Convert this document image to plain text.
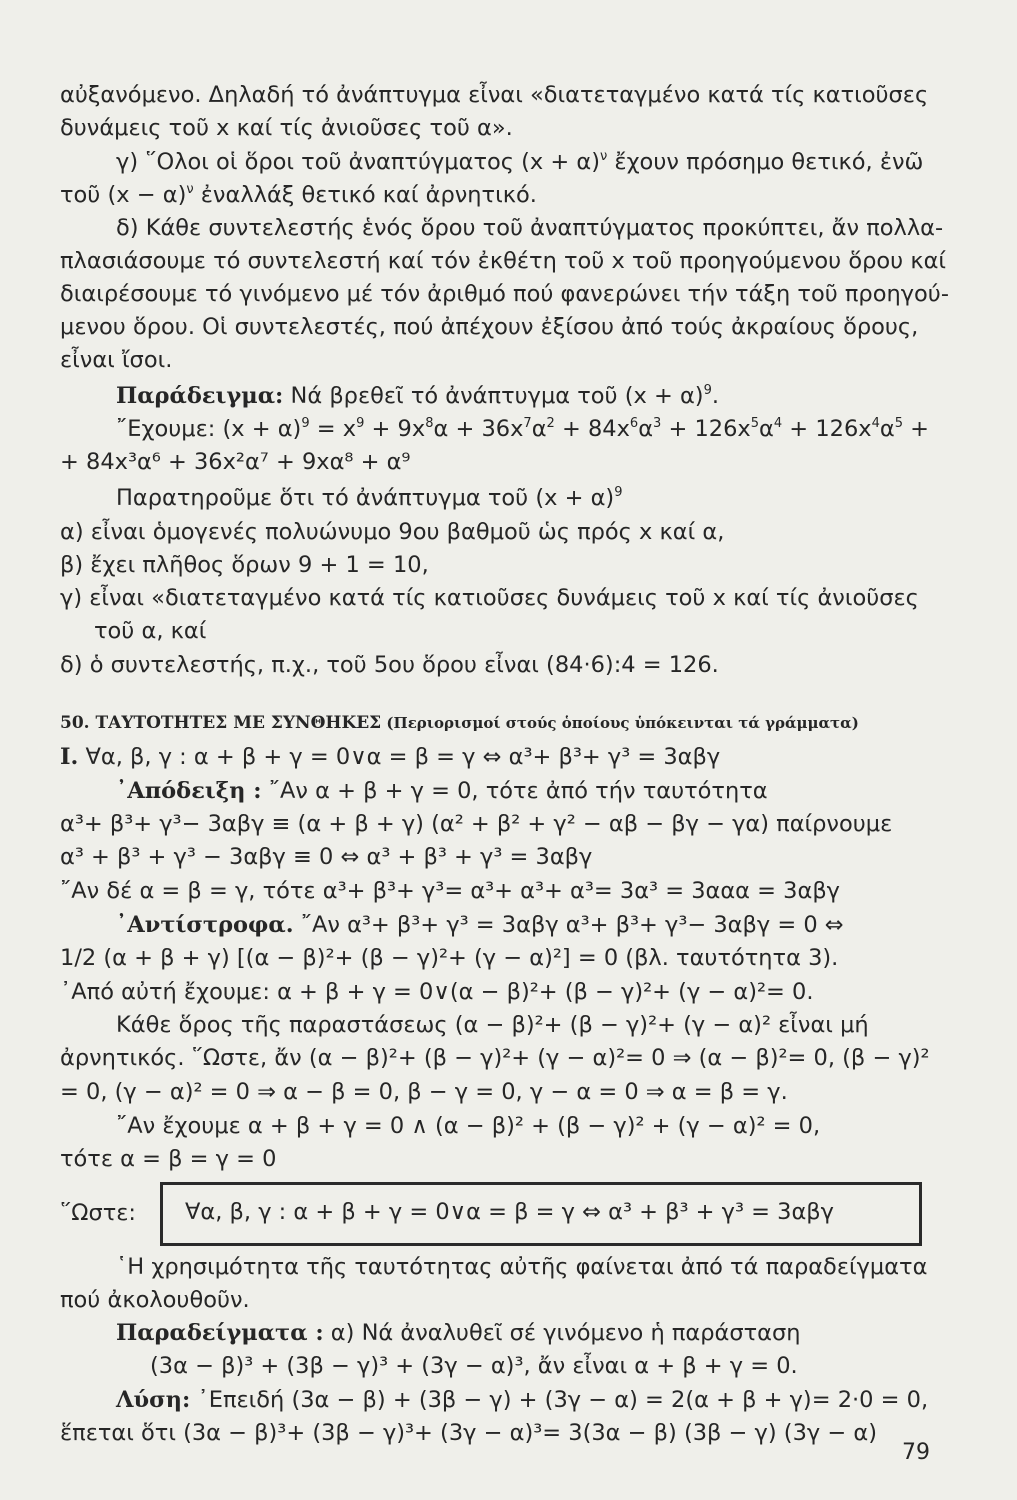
αὐξανόμενο. Δηλαδή τό ἀνάπτυγμα εἶναι «διατεταγμένο κατά τίς κατιοῦσες
δυνάμεις τοῦ x καί τίς ἀνιοῦσες τοῦ α».
γ) ῞Ολοι οἱ ὅροι τοῦ ἀναπτύγματος $(x + \alpha)^\nu$ ἔχουν πρόσημο θετικό, ἐνῶ
τοῦ $(x - \alpha)^\nu$ ἐναλλάξ θετικό καί ἀρνητικό.
δ) Κάθε συντελεστής ἑνός ὅρου τοῦ ἀναπτύγματος προκύπτει, ἄν πολλα-
πλασιάσουμε τό συντελεστή καί τόν ἐκθέτη τοῦ x τοῦ προηγούμενου ὅρου καί
διαιρέσουμε τό γινόμενο μέ τόν ἀριθμό πού φανερώνει τήν τάξη τοῦ προηγού-
μενου ὅρου. Οἱ συντελεστές, πού ἀπέχουν ἐξίσου ἀπό τούς ἀκραίους ὅρους,
εἶναι ἴσοι.
Παράδειγμα: Νά βρεθεῖ τό ἀνάπτυγμα τοῦ $(x + \alpha)^9$.
῎Εχουμε: $(x + \alpha)^9 = x^9 + 9x^8\alpha + 36x^7\alpha^2 + 84x^6\alpha^3 + 126x^5\alpha^4 + 126x^4\alpha^5$ +
+ 84x³α⁶ + 36x²α⁷ + 9xα⁸ + α⁹
Παρατηροῦμε ὅτι τό ἀνάπτυγμα τοῦ $(x + \alpha)^9$
α) εἶναι ὁμογενές πολυώνυμο 9ου βαθμοῦ ὡς πρός x καί α,
β) ἔχει πλῆθος ὅρων 9 + 1 = 10,
γ) εἶναι «διατεταγμένο κατά τίς κατιοῦσες δυνάμεις τοῦ x καί τίς ἀνιοῦσες
τοῦ α, καί
δ) ὁ συντελεστής, π.χ., τοῦ 5ου ὅρου εἶναι (84·6):4 = 126.
50. ΤΑΥΤΟΤΗΤΕΣ ΜΕ ΣΥΝΘΗΚΕΣ (Περιορισμοί στούς ὁποίους ὑπόκεινται τά γράμματα)
I. ∀α, β, γ : α + β + γ = 0∨α = β = γ ⇔ α³+ β³+ γ³ = 3αβγ
᾿Απόδειξη : ῎Αν α + β + γ = 0, τότε ἀπό τήν ταυτότητα
α³+ β³+ γ³− 3αβγ ≡ (α + β + γ) (α² + β² + γ² − αβ − βγ − γα) παίρνουμε
α³ + β³ + γ³ − 3αβγ ≡ 0 ⇔ α³ + β³ + γ³ = 3αβγ
῎Αν δέ α = β = γ, τότε α³+ β³+ γ³= α³+ α³+ α³= 3α³ = 3ααα = 3αβγ
᾿Αντίστροφα. ῎Αν α³+ β³+ γ³ = 3αβγ α³+ β³+ γ³− 3αβγ = 0 ⇔
1/2 (α + β + γ) [(α − β)²+ (β − γ)²+ (γ − α)²] = 0 (βλ. ταυτότητα 3).
᾿Από αὐτή ἔχουμε: α + β + γ = 0∨(α − β)²+ (β − γ)²+ (γ − α)²= 0.
Κάθε ὅρος τῆς παραστάσεως (α − β)²+ (β − γ)²+ (γ − α)² εἶναι μή
ἀρνητικός. ῞Ωστε, ἄν (α − β)²+ (β − γ)²+ (γ − α)²= 0 ⇒ (α − β)²= 0, (β − γ)²
= 0, (γ − α)² = 0 ⇒ α − β = 0, β − γ = 0, γ − α = 0 ⇒ α = β = γ.
῎Αν ἔχουμε α + β + γ = 0 ∧ (α − β)² + (β − γ)² + (γ − α)² = 0,
τότε α = β = γ = 0
῞Ωστε: ∀α, β, γ : α + β + γ = 0∨α = β = γ ⇔ α³ + β³ + γ³ = 3αβγ
῾Η χρησιμότητα τῆς ταυτότητας αὐτῆς φαίνεται ἀπό τά παραδείγματα
πού ἀκολουθοῦν.
Παραδείγματα : α) Νά ἀναλυθεῖ σέ γινόμενο ἡ παράσταση
(3α − β)³ + (3β − γ)³ + (3γ − α)³, ἄν εἶναι α + β + γ = 0.
Λύση: ᾿Επειδή (3α − β) + (3β − γ) + (3γ − α) = 2(α + β + γ)= 2·0 = 0,
ἕπεται ὅτι (3α − β)³+ (3β − γ)³+ (3γ − α)³= 3(3α − β) (3β − γ) (3γ − α)
79
